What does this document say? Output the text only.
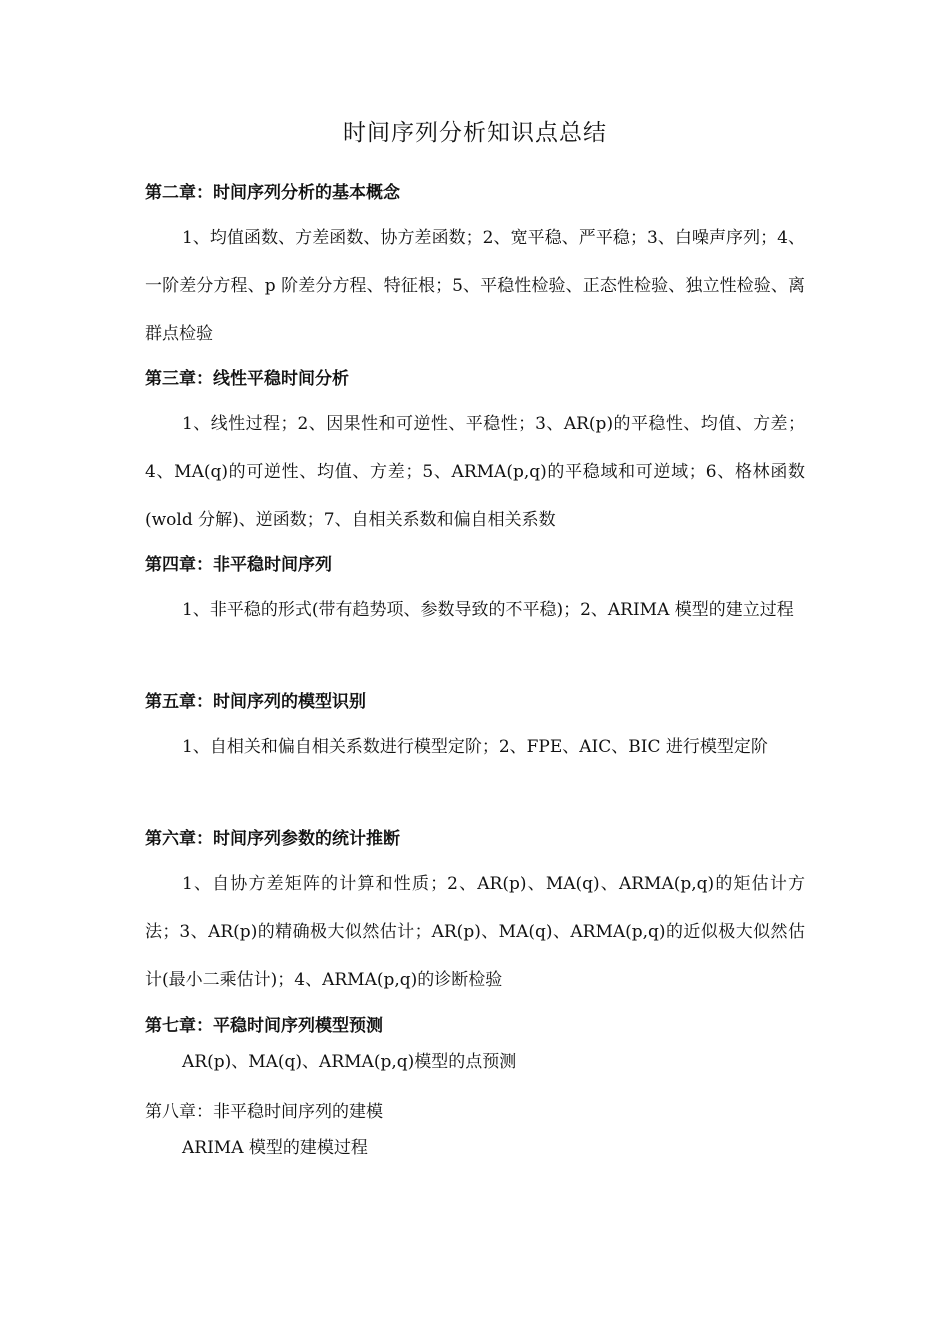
时间序列分析知识点总结
第二章：时间序列分析的基本概念
1、均值函数、方差函数、协方差函数；2、宽平稳、严平稳；3、白噪声序列；4、一阶差分方程、p 阶差分方程、特征根；5、平稳性检验、正态性检验、独立性检验、离群点检验
第三章：线性平稳时间分析
1、线性过程；2、因果性和可逆性、平稳性；3、AR(p)的平稳性、均值、方差；4、MA(q)的可逆性、均值、方差；5、ARMA(p,q)的平稳域和可逆域；6、格林函数(wold 分解)、逆函数；7、自相关系数和偏自相关系数
第四章：非平稳时间序列
1、非平稳的形式(带有趋势项、参数导致的不平稳)；2、ARIMA 模型的建立过程
第五章：时间序列的模型识别
1、自相关和偏自相关系数进行模型定阶；2、FPE、AIC、BIC 进行模型定阶
第六章：时间序列参数的统计推断
1、自协方差矩阵的计算和性质；2、AR(p)、MA(q)、ARMA(p,q)的矩估计方法；3、AR(p)的精确极大似然估计；AR(p)、MA(q)、ARMA(p,q)的近似极大似然估计(最小二乘估计)；4、ARMA(p,q)的诊断检验
第七章：平稳时间序列模型预测
AR(p)、MA(q)、ARMA(p,q)模型的点预测
第八章：非平稳时间序列的建模
ARIMA 模型的建模过程
